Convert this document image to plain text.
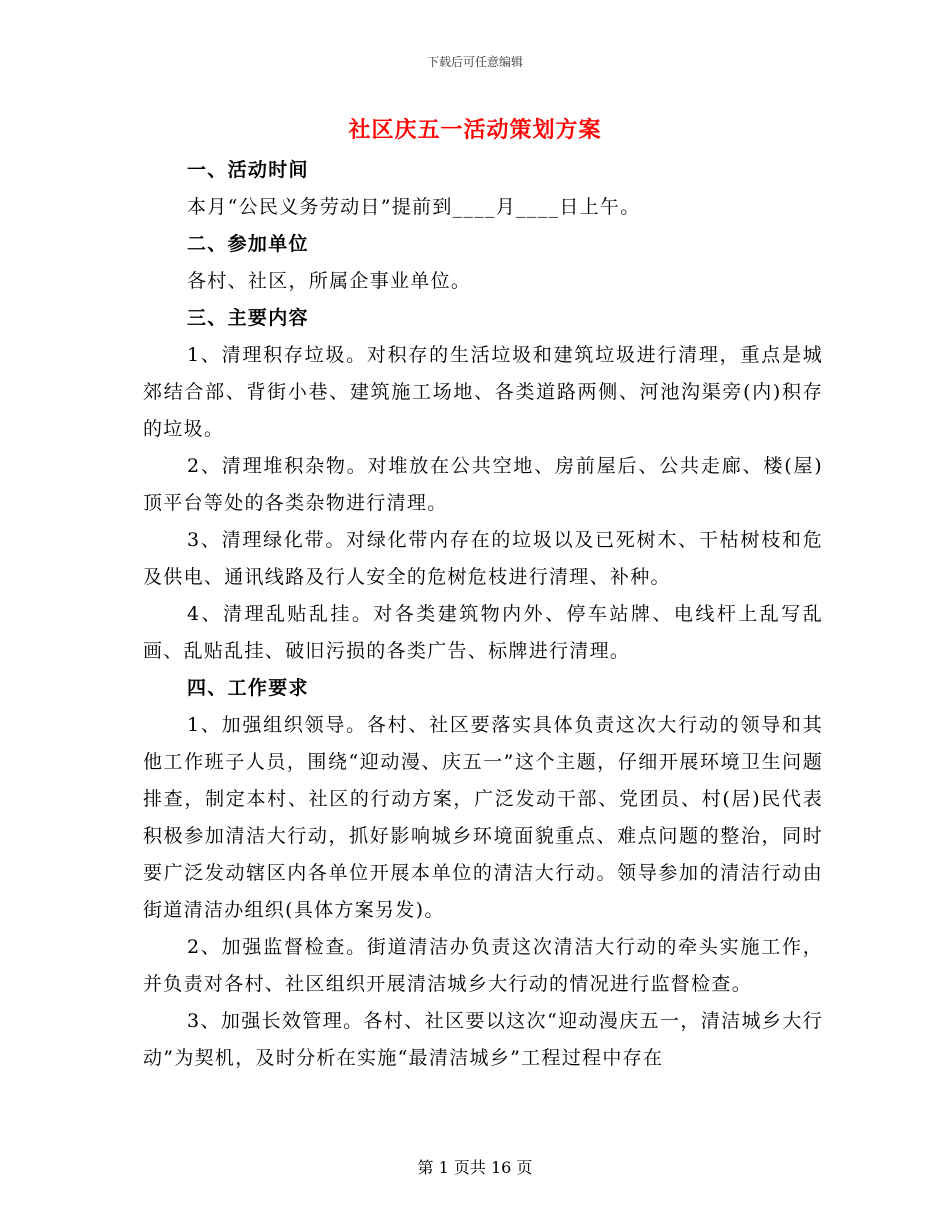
下载后可任意编辑
社区庆五一活动策划方案

一、活动时间

本月“公民义务劳动日”提前到____月____日上午。

二、参加单位

各村、社区，所属企事业单位。

三、主要内容

1、清理积存垃圾。对积存的生活垃圾和建筑垃圾进行清理，重点是城郊结合部、背街小巷、建筑施工场地、各类道路两侧、河池沟渠旁(内)积存的垃圾。

2、清理堆积杂物。对堆放在公共空地、房前屋后、公共走廊、楼(屋)顶平台等处的各类杂物进行清理。

3、清理绿化带。对绿化带内存在的垃圾以及已死树木、干枯树枝和危及供电、通讯线路及行人安全的危树危枝进行清理、补种。

4、清理乱贴乱挂。对各类建筑物内外、停车站牌、电线杆上乱写乱画、乱贴乱挂、破旧污损的各类广告、标牌进行清理。

四、工作要求

1、加强组织领导。各村、社区要落实具体负责这次大行动的领导和其他工作班子人员，围绕“迎动漫、庆五一”这个主题，仔细开展环境卫生问题排查，制定本村、社区的行动方案，广泛发动干部、党团员、村(居)民代表积极参加清洁大行动，抓好影响城乡环境面貌重点、难点问题的整治，同时要广泛发动辖区内各单位开展本单位的清洁大行动。领导参加的清洁行动由街道清洁办组织(具体方案另发)。

2、加强监督检查。街道清洁办负责这次清洁大行动的牵头实施工作，并负责对各村、社区组织开展清洁城乡大行动的情况进行监督检查。

3、加强长效管理。各村、社区要以这次“迎动漫庆五一，清洁城乡大行动”为契机，及时分析在实施“最清洁城乡”工程过程中存在

第 1 页共 16 页
